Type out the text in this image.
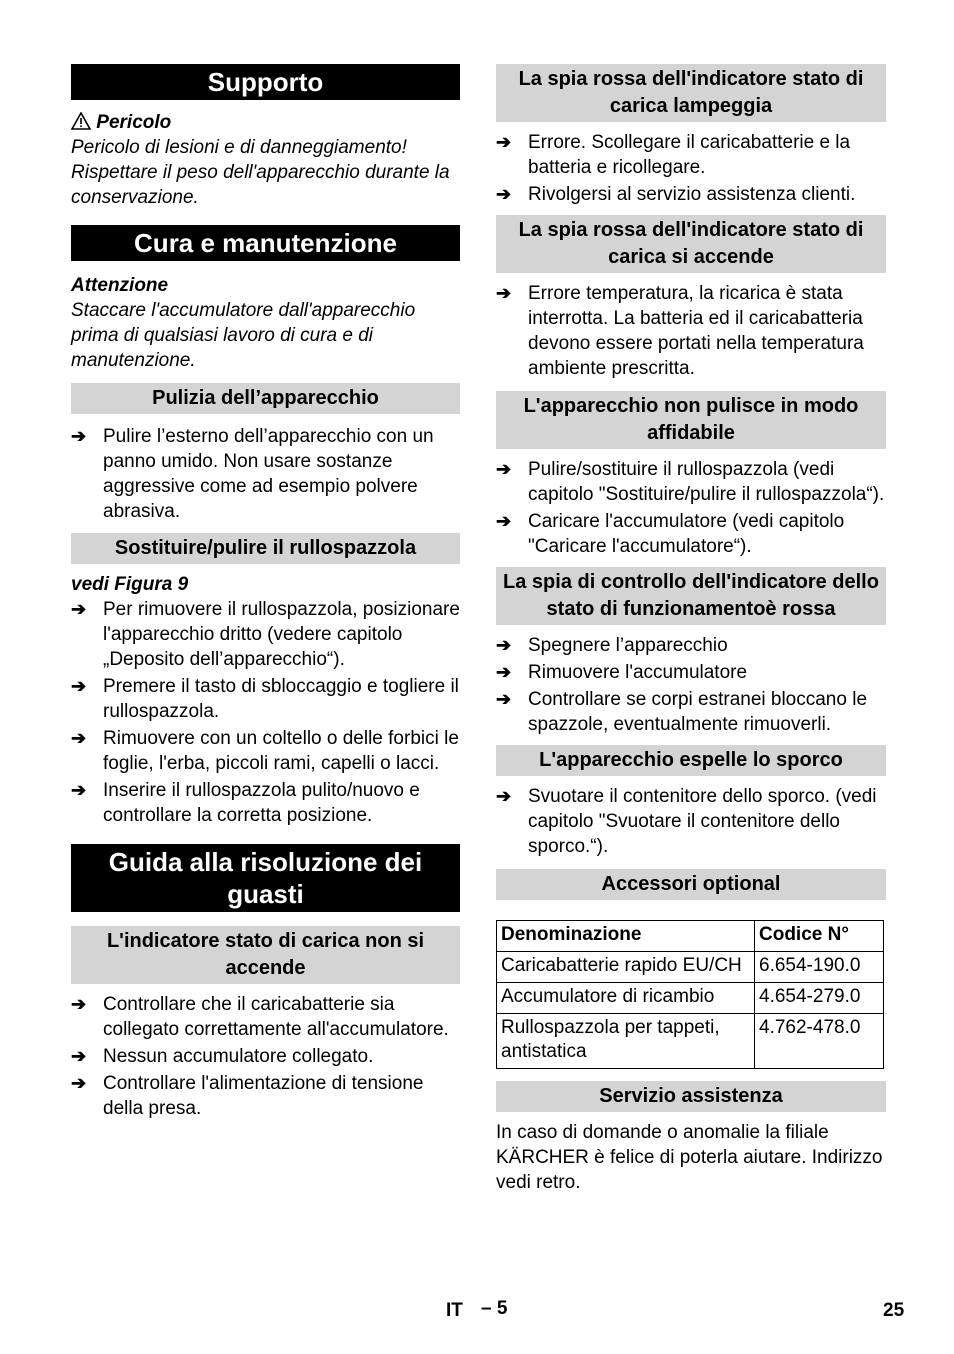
Supporto
Pericolo
Pericolo di lesioni e di danneggiamento! Rispettare il peso dell'apparecchio durante la conservazione.
Cura e manutenzione
Attenzione
Staccare l'accumulatore dall'apparecchio prima di qualsiasi lavoro di cura e di manutenzione.
Pulizia dell’apparecchio
➔ Pulire l’esterno dell’apparecchio con un panno umido. Non usare sostanze aggressive come ad esempio polvere abrasiva.
Sostituire/pulire il rullospazzola
vedi Figura 9
➔ Per rimuovere il rullospazzola, posizionare l'apparecchio dritto (vedere capitolo „Deposito dell’apparecchio“).
➔ Premere il tasto di sbloccaggio e togliere il rullospazzola.
➔ Rimuovere con un coltello o delle forbici le foglie, l'erba, piccoli rami, capelli o lacci.
➔ Inserire il rullospazzola pulito/nuovo e controllare la corretta posizione.
Guida alla risoluzione dei guasti
L'indicatore stato di carica non si accende
➔ Controllare che il caricabatterie sia collegato correttamente all'accumulatore.
➔ Nessun accumulatore collegato.
➔ Controllare l'alimentazione di tensione della presa.
La spia rossa dell'indicatore stato di carica lampeggia
➔ Errore. Scollegare il caricabatterie e la batteria e ricollegare.
➔ Rivolgersi al servizio assistenza clienti.
La spia rossa dell'indicatore stato di carica si accende
➔ Errore temperatura, la ricarica è stata interrotta. La batteria ed il caricabatteria devono essere portati nella temperatura ambiente prescritta.
L'apparecchio non pulisce in modo affidabile
➔ Pulire/sostituire il rullospazzola (vedi capitolo "Sostituire/pulire il rullospazzola“).
➔ Caricare l'accumulatore (vedi capitolo "Caricare l'accumulatore“).
La spia di controllo dell'indicatore dello stato di funzionamentoè rossa
➔ Spegnere l’apparecchio
➔ Rimuovere l'accumulatore
➔ Controllare se corpi estranei bloccano le spazzole, eventualmente rimuoverli.
L'apparecchio espelle lo sporco
➔ Svuotare il contenitore dello sporco. (vedi capitolo "Svuotare il contenitore dello sporco.“).
Accessori optional
Denominazione	Codice N°
Caricabatterie rapido EU/CH	6.654-190.0
Accumulatore di ricambio	4.654-279.0
Rullospazzola per tappeti, antistatica	4.762-478.0
Servizio assistenza
In caso di domande o anomalie la filiale KÄRCHER è felice di poterla aiutare. Indirizzo vedi retro.
IT – 5	25
